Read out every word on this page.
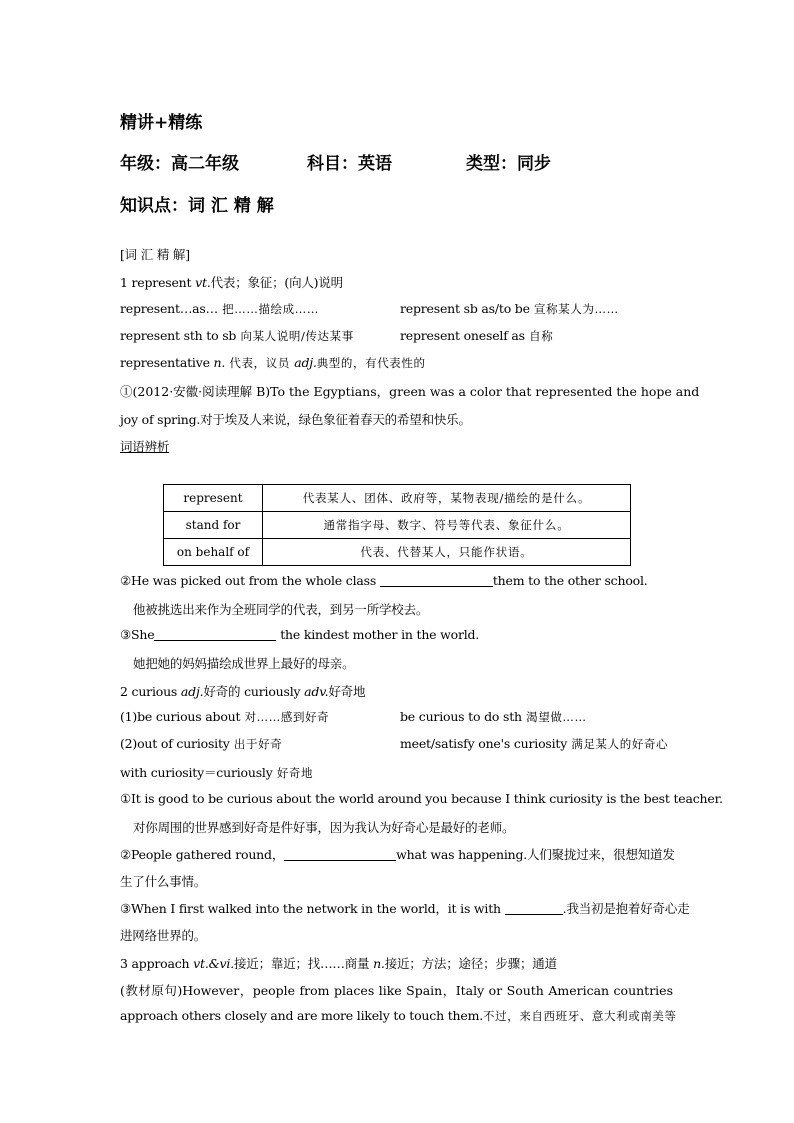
精讲+精练
年级：高二年级	科目：英语	类型：同步
知识点：词 汇 精 解
[词 汇 精 解]
1 represent vt.代表；象征；(向人)说明
represent…as… 把……描绘成……	represent sb as/to be 宣称某人为……
represent sth to sb 向某人说明/传达某事	represent oneself as 自称
representative n. 代表，议员 adj.典型的，有代表性的
①(2012·安徽·阅读理解 B)To the Egyptians，green was a color that represented the hope and
joy of spring.对于埃及人来说，绿色象征着春天的希望和快乐。
词语辨析
represent	代表某人、团体、政府等，某物表现/描绘的是什么。
stand for	通常指字母、数字、符号等代表、象征什么。
on behalf of	代表、代替某人，只能作状语。
②He was picked out from the whole class	them to the other school.
他被挑选出来作为全班同学的代表，到另一所学校去。
③She	the kindest mother in the world.
她把她的妈妈描绘成世界上最好的母亲。
2 curious adj.好奇的 curiously adv.好奇地
(1)be curious about 对……感到好奇	be curious to do sth 渴望做……
(2)out of curiosity 出于好奇	meet/satisfy one's curiosity 满足某人的好奇心
with curiosity＝curiously 好奇地
①It is good to be curious about the world around you because I think curiosity is the best teacher.
对你周围的世界感到好奇是件好事，因为我认为好奇心是最好的老师。
②People gathered round，	what was happening.人们聚拢过来，很想知道发
生了什么事情。
③When I first walked into the network in the world，it is with	.我当初是抱着好奇心走
进网络世界的。
3 approach vt.&vi.接近；靠近；找……商量 n.接近；方法；途径；步骤；通道
(教材原句)However，people from places like Spain，Italy or South American countries
approach others closely and are more likely to touch them.不过，来自西班牙、意大利或南美等
